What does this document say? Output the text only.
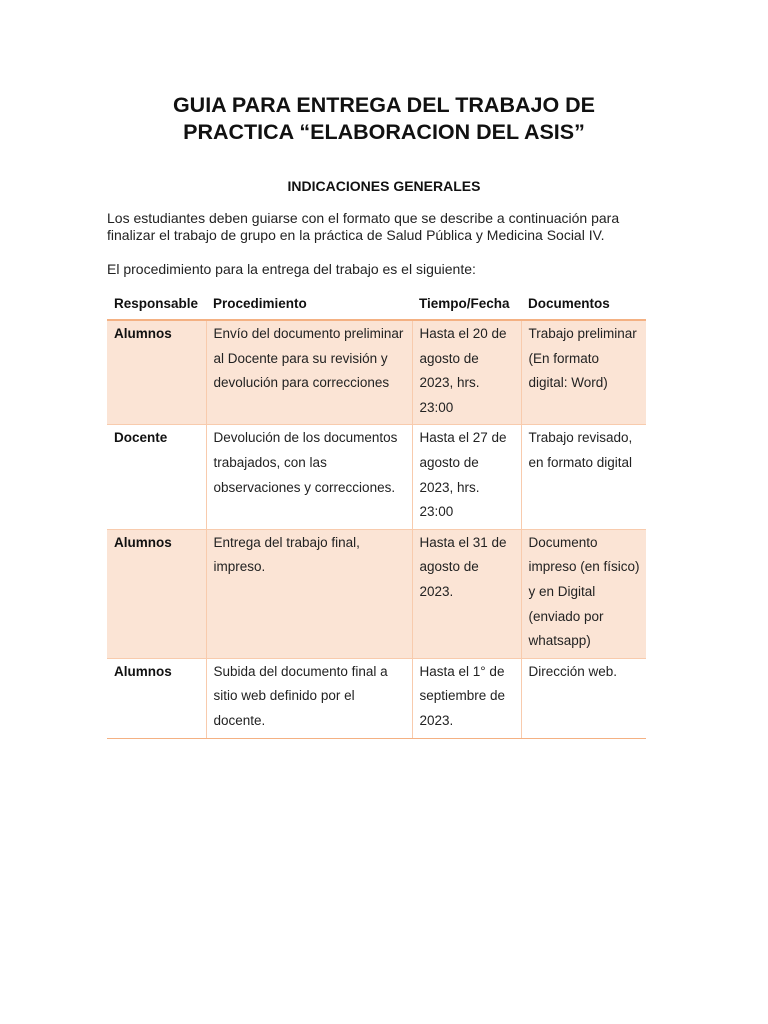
GUIA PARA ENTREGA DEL TRABAJO DE
PRACTICA “ELABORACION DEL ASIS”
INDICACIONES GENERALES
Los estudiantes deben guiarse con el formato que se describe a continuación para
finalizar el trabajo de grupo en la práctica de Salud Pública y Medicina Social IV.
El procedimiento para la entrega del trabajo es el siguiente:
Responsable	Procedimiento	Tiempo/Fecha	Documentos
Alumnos	Envío del documento preliminar al Docente para su revisión y devolución para correcciones	Hasta el 20 de agosto de 2023, hrs. 23:00	Trabajo preliminar (En formato digital: Word)
Docente	Devolución de los documentos trabajados, con las observaciones y correcciones.	Hasta el 27 de agosto de 2023, hrs. 23:00	Trabajo revisado, en formato digital
Alumnos	Entrega del trabajo final, impreso.	Hasta el 31 de agosto de 2023.	Documento impreso (en físico) y en Digital (enviado por whatsapp)
Alumnos	Subida del documento final a sitio web definido por el docente.	Hasta el 1° de septiembre de 2023.	Dirección web.
